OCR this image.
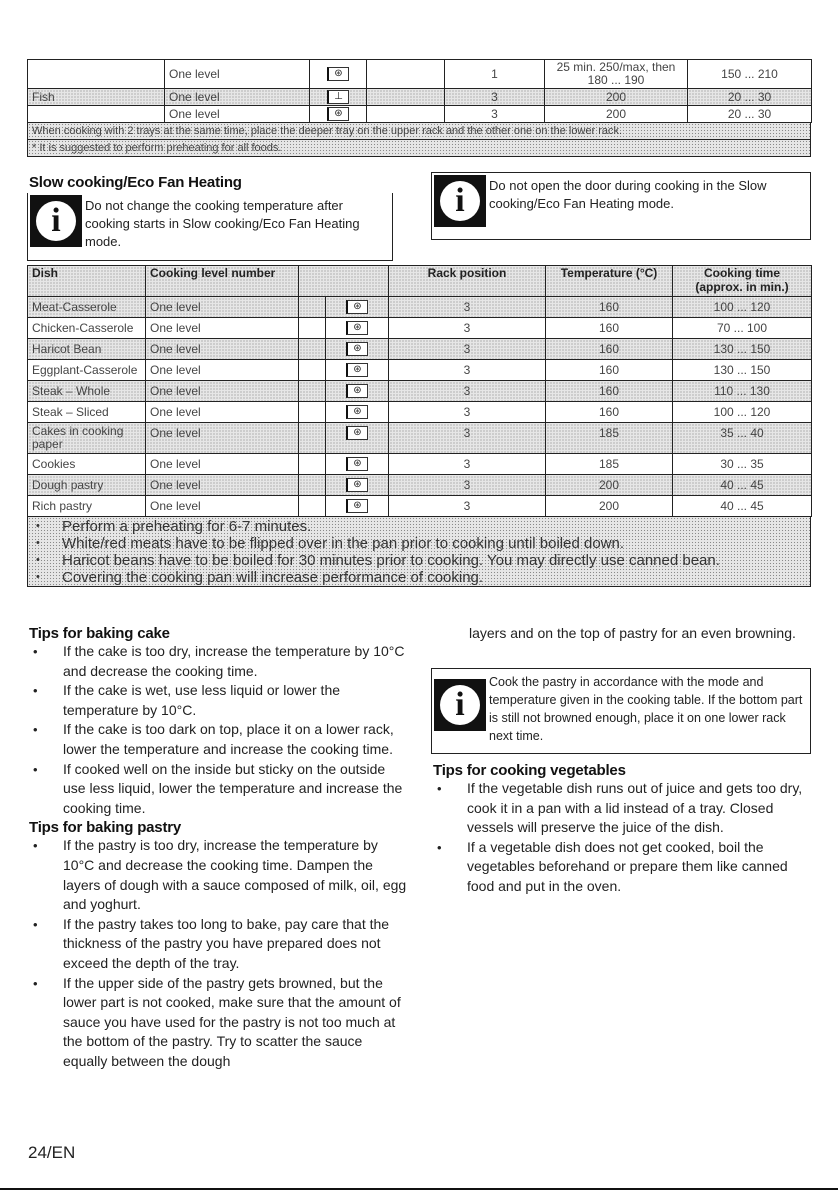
	One level	⊛		1	25 min. 250/max, then 180 ... 190	150 ... 210
Fish	One level	⊥		3	200	20 ... 30
	One level	⊛		3	200	20 ... 30
When cooking with 2 trays at the same time, place the deeper tray on the upper rack and the other one on the lower rack.
* It is suggested to perform preheating for all foods.
Slow cooking/Eco Fan Heating
i	Do not change the cooking temperature after cooking starts in Slow cooking/Eco Fan Heating mode.
i	Do not open the door during cooking in the Slow cooking/Eco Fan Heating mode.
Dish	Cooking level number			Rack position	Temperature (°C)	Cooking time
(approx. in min.)

Meat-Casserole	One level		⊛	3	160	100 ... 120
Chicken-Casserole	One level		⊛	3	160	70 ... 100
Haricot Bean	One level		⊛	3	160	130 ... 150
Eggplant-Casserole	One level		⊛	3	160	130 ... 150
Steak – Whole	One level		⊛	3	160	110 ... 130
Steak – Sliced	One level		⊛	3	160	100 ... 120
Cakes in cooking paper	One level		⊛	3	185	35 ... 40
Cookies	One level		⊛	3	185	30 ... 35
Dough pastry	One level		⊛	3	200	40 ... 45
Rich pastry	One level		⊛	3	200	40 ... 45
• Perform a preheating for 6-7 minutes.
• White/red meats have to be flipped over in the pan prior to cooking until boiled down.
• Haricot beans have to be boiled for 30 minutes prior to cooking. You may directly use canned bean.
• Covering the cooking pan will increase performance of cooking.
Tips for baking cake
• If the cake is too dry, increase the temperature by 10°C and decrease the cooking time.
• If the cake is wet, use less liquid or lower the temperature by 10°C.
• If the cake is too dark on top, place it on a lower rack, lower the temperature and increase the cooking time.
• If cooked well on the inside but sticky on the outside use less liquid, lower the temperature and increase the cooking time.
Tips for baking pastry
• If the pastry is too dry, increase the temperature by 10°C and decrease the cooking time. Dampen the layers of dough with a sauce composed of milk, oil, egg and yoghurt.
• If the pastry takes too long to bake, pay care that the thickness of the pastry you have prepared does not exceed the depth of the tray.
• If the upper side of the pastry gets browned, but the lower part is not cooked, make sure that the amount of sauce you have used for the pastry is not too much at the bottom of the pastry. Try to scatter the sauce equally between the dough
layers and on the top of pastry for an even browning.
i
Cook the pastry in accordance with the mode and temperature given in the cooking table. If the bottom part is still not browned enough, place it on one lower rack next time.
Tips for cooking vegetables
• If the vegetable dish runs out of juice and gets too dry, cook it in a pan with a lid instead of a tray. Closed vessels will preserve the juice of the dish.
• If a vegetable dish does not get cooked, boil the vegetables beforehand or prepare them like canned food and put in the oven.
24/EN
